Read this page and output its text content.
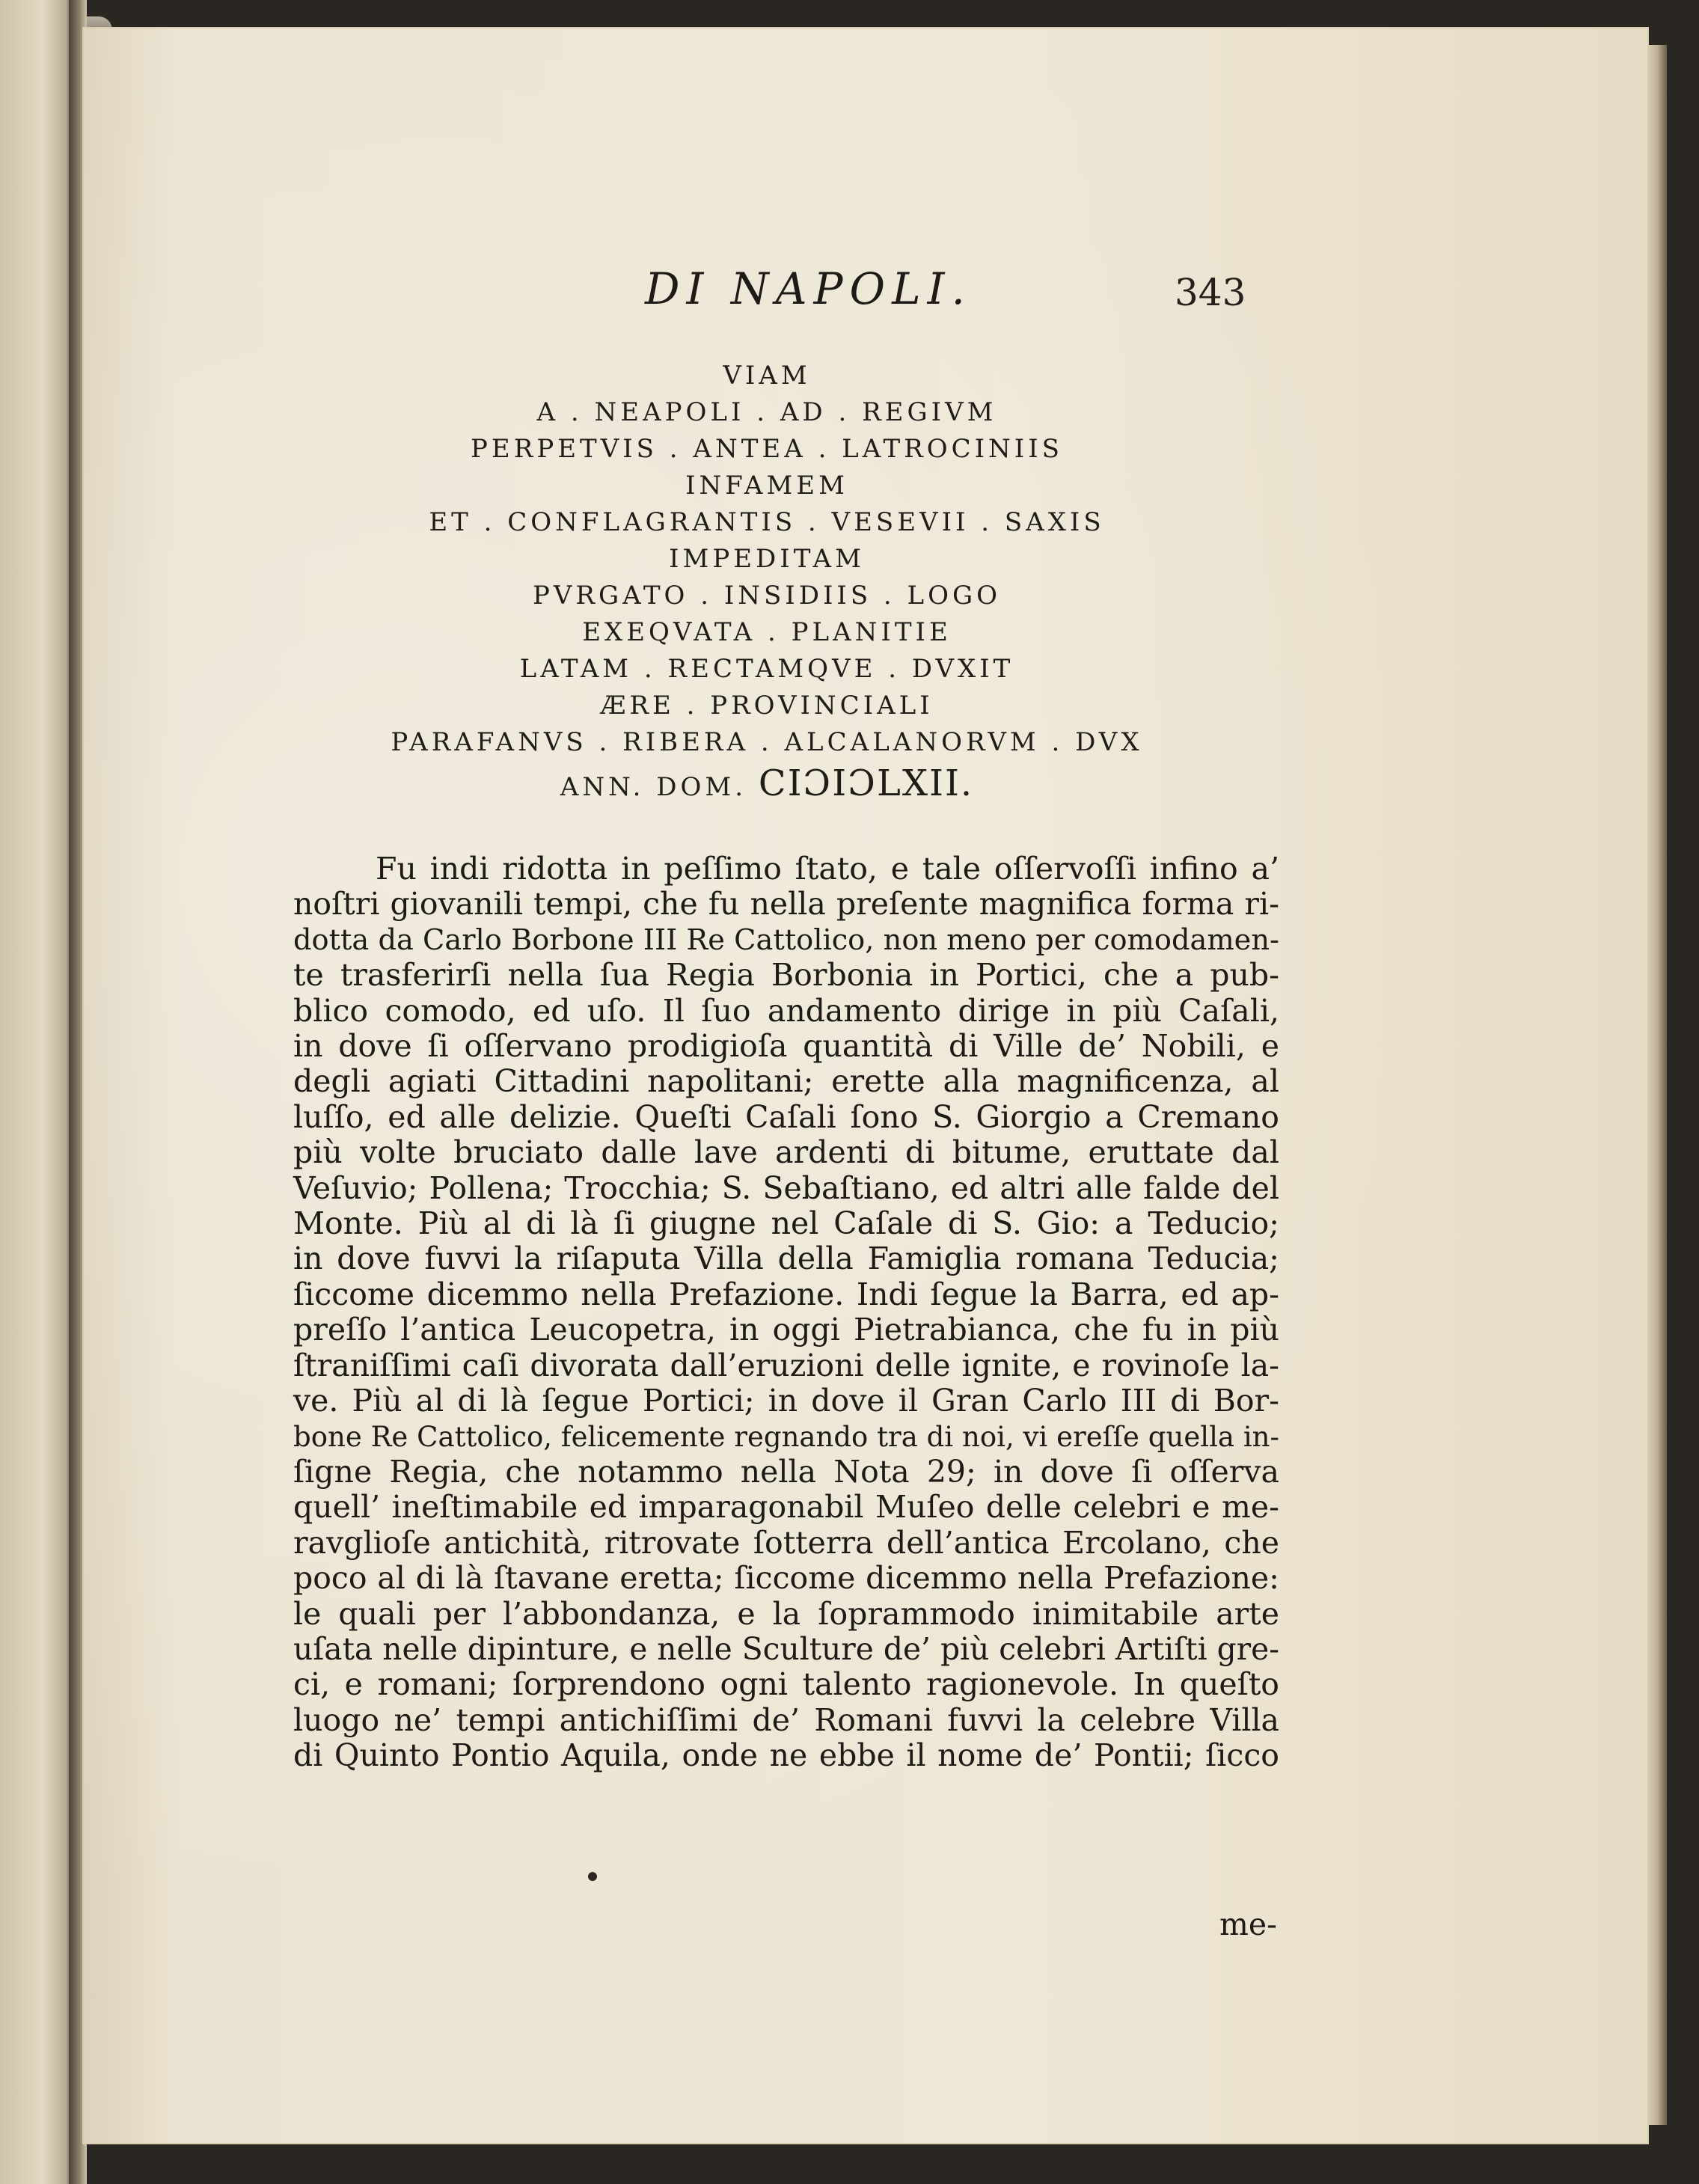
DI NAPOLI.	343
VIAM
A . NEAPOLI . AD . REGIVM
PERPETVIS . ANTEA . LATROCINIIS
INFAMEM
ET . CONFLAGRANTIS . VESEVII . SAXIS
IMPEDITAM
PVRGATO . INSIDIIS . LOGO
EXEQVATA . PLANITIE
LATAM . RECTAMQVE . DVXIT
ÆRE . PROVINCIALI
PARAFANVS . RIBERA . ALCALANORVM . DVX
ANN. DOM. CIƆIƆLXII.
Fu indi ridotta in peſſimo ſtato, e tale oſſervoſſi infino a’
noſtri giovanili tempi, che fu nella preſente magnifica forma ri-
dotta da Carlo Borbone III Re Cattolico, non meno per comodamen-
te trasferirſi nella ſua Regia Borbonia in Portici, che a pub-
blico comodo, ed uſo. Il ſuo andamento dirige in più Caſali,
in dove ſi oſſervano prodigioſa quantità di Ville de’ Nobili, e
degli agiati Cittadini napolitani; erette alla magnificenza, al
luſſo, ed alle delizie. Queſti Caſali ſono S. Giorgio a Cremano
più volte bruciato dalle lave ardenti di bitume, eruttate dal
Veſuvio; Pollena; Trocchia; S. Sebaſtiano, ed altri alle falde del
Monte. Più al di là ſi giugne nel Caſale di S. Gio: a Teducio;
in dove fuvvi la riſaputa Villa della Famiglia romana Teducia;
ſiccome dicemmo nella Prefazione. Indi ſegue la Barra, ed ap-
preſſo l’antica Leucopetra, in oggi Pietrabianca, che fu in più
ſtraniſſimi caſi divorata dall’eruzioni delle ignite, e rovinoſe la-
ve. Più al di là ſegue Portici; in dove il Gran Carlo III di Bor-
bone Re Cattolico, felicemente regnando tra di noi, vi ereſſe quella in-
ſigne Regia, che notammo nella Nota 29; in dove ſi oſſerva
quell’ ineſtimabile ed imparagonabil Muſeo delle celebri e me-
ravglioſe antichità, ritrovate ſotterra dell’antica Ercolano, che
poco al di là ſtavane eretta; ſiccome dicemmo nella Prefazione:
le quali per l’abbondanza, e la ſoprammodo inimitabile arte
uſata nelle dipinture, e nelle Sculture de’ più celebri Artiſti gre-
ci, e romani; ſorprendono ogni talento ragionevole. In queſto
luogo ne’ tempi antichiſſimi de’ Romani fuvvi la celebre Villa
di Quinto Pontio Aquila, onde ne ebbe il nome de’ Pontii; ſicco
me-
